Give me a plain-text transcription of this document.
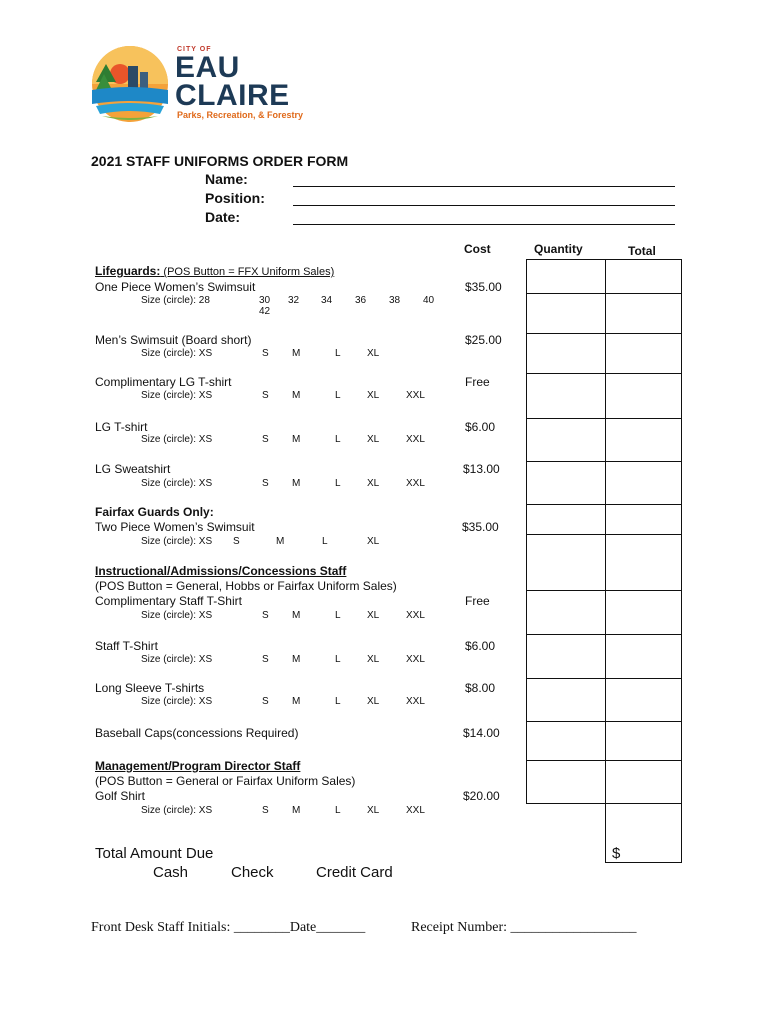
CITY OF
EAU
CLAIRE
Parks, Recreation, & Forestry
2021 STAFF UNIFORMS ORDER FORM
Name:
Position:
Date:
Cost	Quantity	Total
Lifeguards: (POS Button = FFX Uniform Sales)
One Piece Women’s Swimsuit	$35.00
Size (circle): 28	30 32 34 36 38 40
42
Men’s Swimsuit (Board short)	$25.00
Size (circle): XS	S M	L	XL
Complimentary LG T-shirt	Free
Size (circle): XS	S M	L	XL	XXL
LG T-shirt	$6.00
Size (circle): XS	S M	L	XL	XXL
LG Sweatshirt	$13.00
Size (circle): XS	S M	L	XL	XXL
Fairfax Guards Only:
Two Piece Women’s Swimsuit	$35.00
Size (circle): XS S	M	L	XL
Instructional/Admissions/Concessions Staff
(POS Button = General, Hobbs or Fairfax Uniform Sales)
Complimentary Staff T-Shirt	Free
Size (circle): XS	S M	L	XL	XXL
Staff T-Shirt	$6.00
Size (circle): XS	S M	L	XL	XXL
Long Sleeve T-shirts	$8.00
Size (circle): XS	S M	L	XL	XXL
Baseball Caps(concessions Required)	$14.00
Management/Program Director Staff
(POS Button = General or Fairfax Uniform Sales)
Golf Shirt	$20.00
Size (circle): XS	S M	L	XL	XXL
Total Amount Due
Cash	Check	Credit Card
$
Front Desk Staff Initials: ________Date_______	Receipt Number: __________________
